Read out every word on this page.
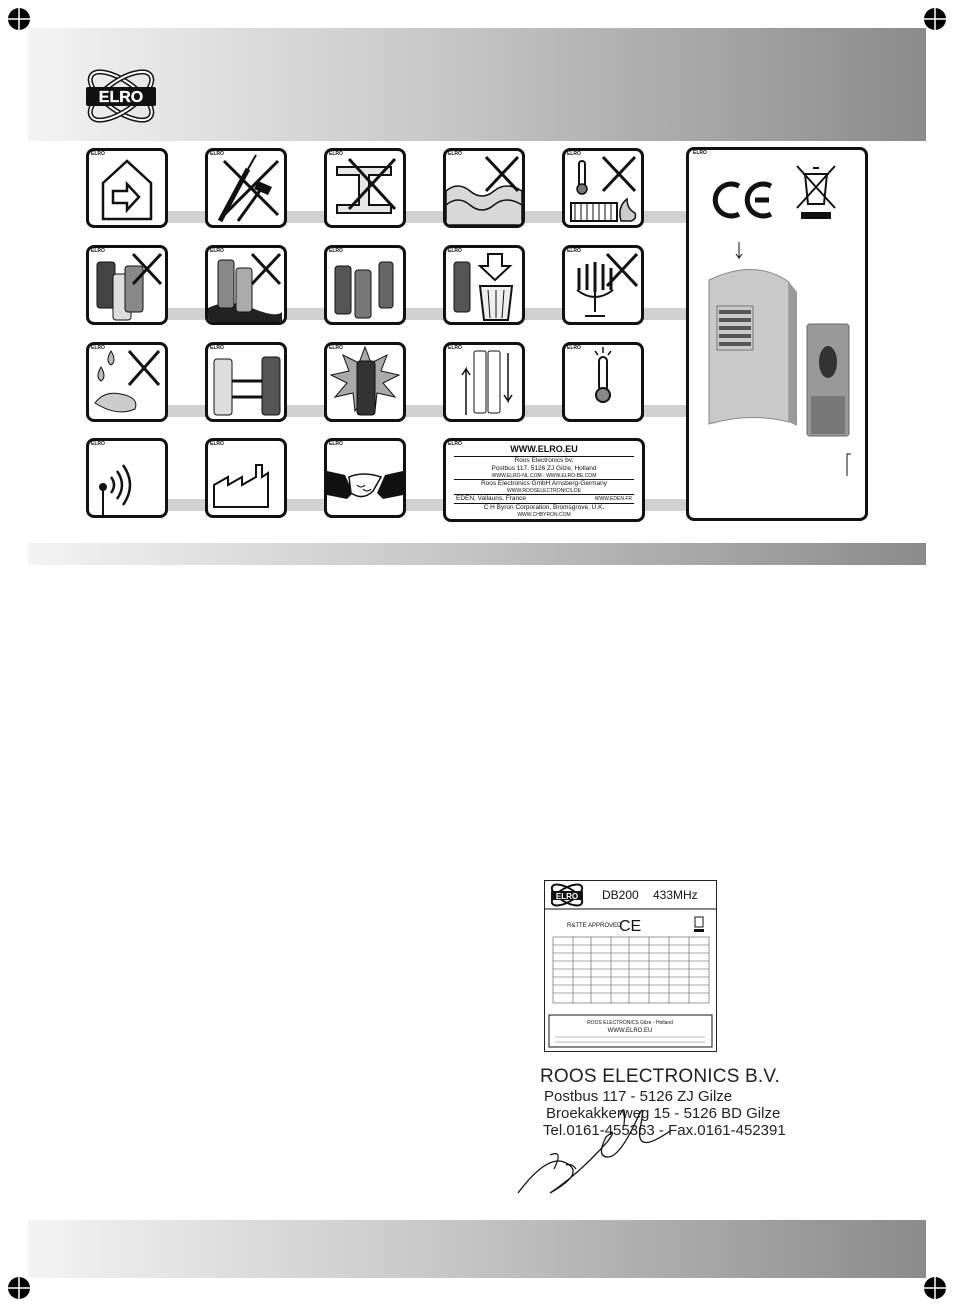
ELRO
ELRO	ELRO	ELRO	ELRO	ELRO
ELRO	ELRO	ELRO	ELRO	ELRO
ELRO	ELRO	ELRO	ELRO	ELRO
ELRO	ELRO	ELRO	ELRO	WWW.ELRO.EU
Roos Electronics bv,
Postbus 117, 5126 ZJ Gilze, Holland
WWW.ELRO-NL.COM - WWW.ELRO-BE.COM
Roos Electronics GmbH Arnsberg-Germany
WWW.ROOSELECTRONICS.DE
EDEN, Vallauris, France	WWW.EDEN.FR
C H Byron Corporation, Bromsgrove, U.K.
WWW.CHBYRON.COM
ELRO
ELRO DB200 433MHz
R&TTE APPROVED
CE
ROOS ELECTRONICS Gilze - Holland
WWW.ELRO.EU
ROOS ELECTRONICS B.V.
Postbus 117 - 5126 ZJ Gilze
Broekakkerweg 15 - 5126 BD Gilze
Tel.0161-455363 - Fax.0161-452391
